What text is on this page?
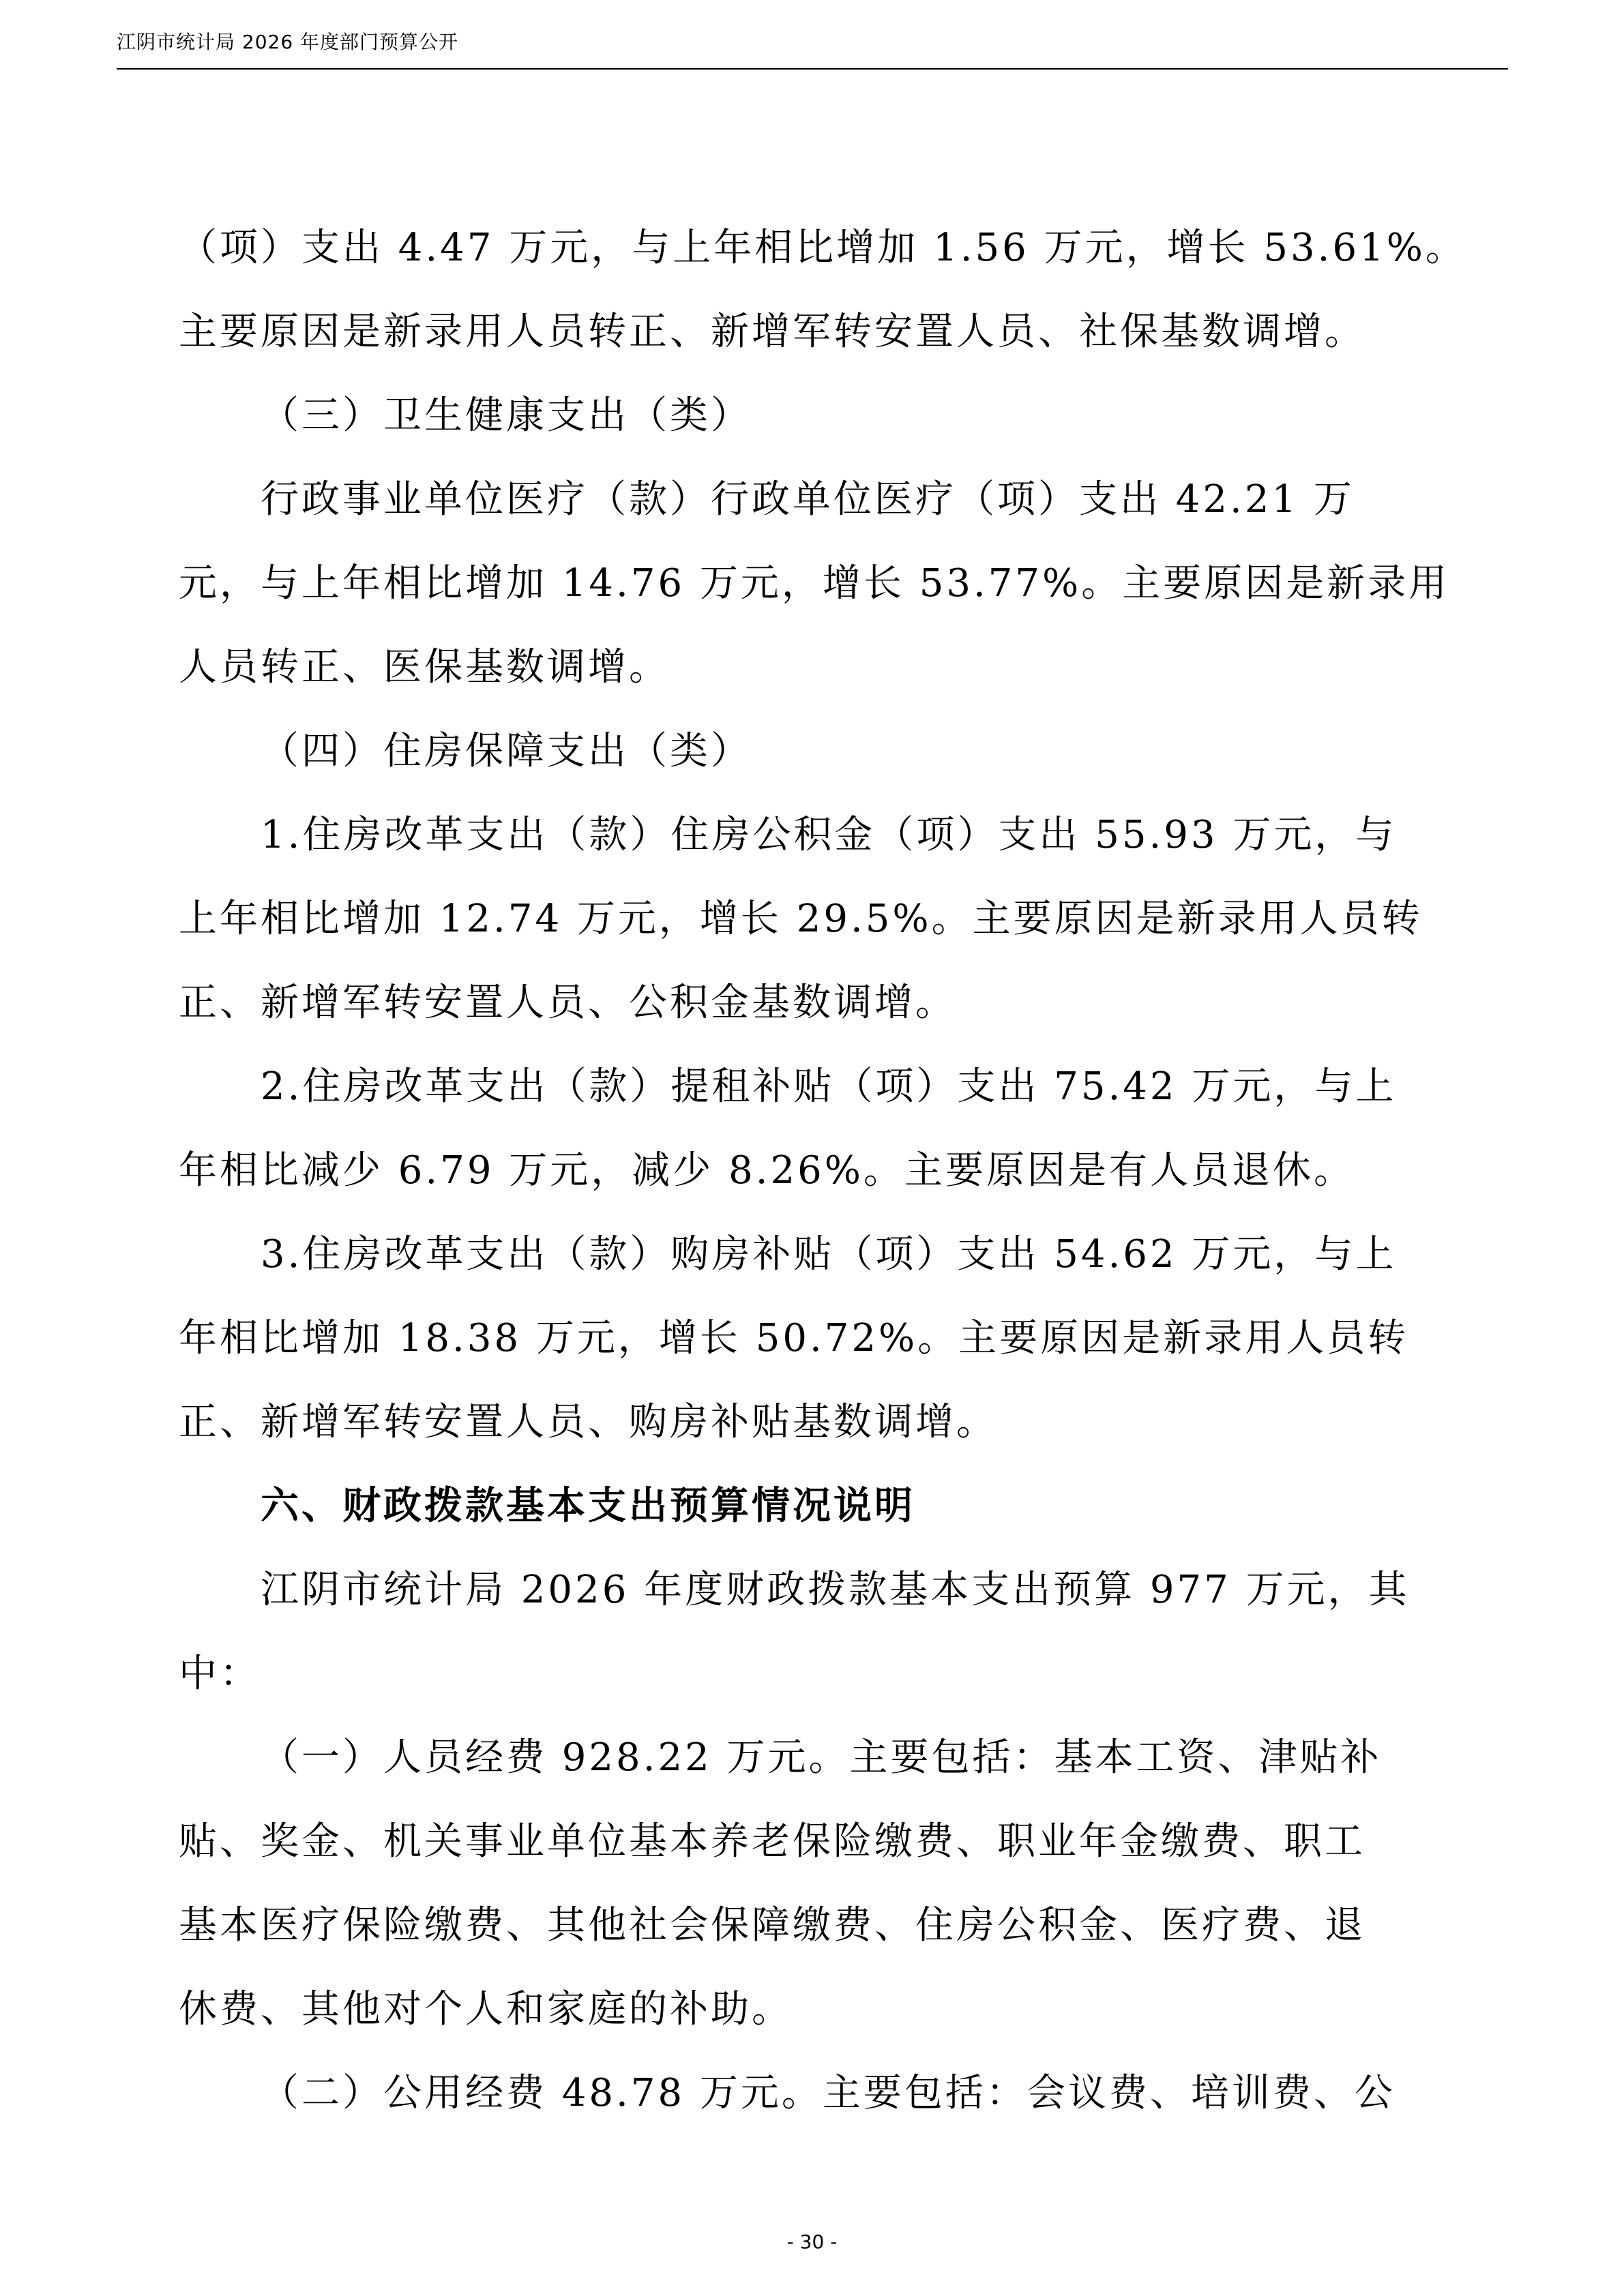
江阴市统计局 2026 年度部门预算公开
（项）支出 4.47 万元，与上年相比增加 1.56 万元，增长 53.61%。
主要原因是新录用人员转正、新增军转安置人员、社保基数调增。
（三）卫生健康支出（类）
行政事业单位医疗（款）行政单位医疗（项）支出 42.21 万
元，与上年相比增加 14.76 万元，增长 53.77%。主要原因是新录用
人员转正、医保基数调增。
（四）住房保障支出（类）
1.住房改革支出（款）住房公积金（项）支出 55.93 万元，与
上年相比增加 12.74 万元，增长 29.5%。主要原因是新录用人员转
正、新增军转安置人员、公积金基数调增。
2.住房改革支出（款）提租补贴（项）支出 75.42 万元，与上
年相比减少 6.79 万元，减少 8.26%。主要原因是有人员退休。
3.住房改革支出（款）购房补贴（项）支出 54.62 万元，与上
年相比增加 18.38 万元，增长 50.72%。主要原因是新录用人员转
正、新增军转安置人员、购房补贴基数调增。
六、财政拨款基本支出预算情况说明
江阴市统计局 2026 年度财政拨款基本支出预算 977 万元，其
中：
（一）人员经费 928.22 万元。主要包括：基本工资、津贴补
贴、奖金、机关事业单位基本养老保险缴费、职业年金缴费、职工
基本医疗保险缴费、其他社会保障缴费、住房公积金、医疗费、退
休费、其他对个人和家庭的补助。
（二）公用经费 48.78 万元。主要包括：会议费、培训费、公
- 30 -
